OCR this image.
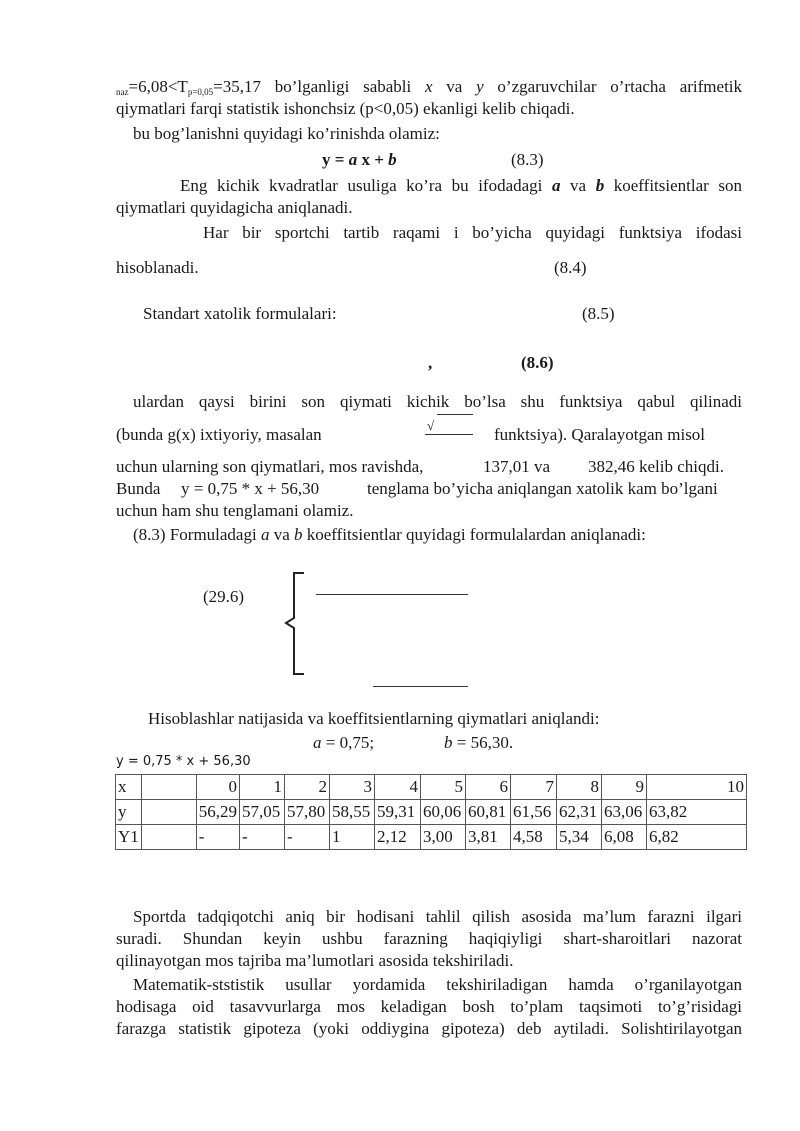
$_{naz}=6,08<T_{p=0,05}=35,17$ bo’lganligi sababli x va y o’zgaruvchilar o’rtacha arifmetik
qiymatlari farqi statistik ishonchsiz (p<0,05) ekanligi kelib chiqadi.
bu bog’lanishni quyidagi ko’rinishda olamiz:
y = a x + b	(8.3)
Eng kichik kvadratlar usuliga ko’ra bu ifodadagi a va b koeffitsientlar son
qiymatlari quyidagicha aniqlanadi.
Har bir sportchi tartib raqami i bo’yicha quyidagi funktsiya ifodasi
hisoblanadi.	(8.4)
Standart xatolik formulalari:	(8.5)
,	(8.6)
ulardan qaysi birini son qiymati kichik bo’lsa shu funktsiya qabul qilinadi
(bunda g(x) ixtiyoriy, masalan	√	funktsiya). Qaralayotgan misol
uchun ularning son qiymatlari, mos ravishda,	137,01 va 382,46 kelib chiqdi.
Bunda y = 0,75 * x + 56,30	tenglama bo’yicha aniqlangan xatolik kam bo’lgani
uchun ham shu tenglamani olamiz.
(8.3) Formuladagi a va b koeffitsientlar quyidagi formulalardan aniqlanadi:
(29.6)
Hisoblashlar natijasida va koeffitsientlarning qiymatlari aniqlandi:
a = 0,75;	b = 56,30.
y = 0,75 * x + 56,30
x		0	1	2	3	4	5	6	7	8	9	10
y		56,29	57,05	57,80	58,55	59,31	60,06	60,81	61,56	62,31	63,06	63,82
Y1		-	-	-	1	2,12	3,00	3,81	4,58	5,34	6,08	6,82
Sportda tadqiqotchi aniq bir hodisani tahlil qilish asosida ma’lum farazni ilgari
suradi. Shundan keyin ushbu farazning haqiqiyligi shart-sharoitlari nazorat
qilinayotgan mos tajriba ma’lumotlari asosida tekshiriladi.
Matematik-ststistik usullar yordamida tekshiriladigan hamda o’rganilayotgan
hodisaga oid tasavvurlarga mos keladigan bosh to’plam taqsimoti to’g’risidagi
farazga statistik gipoteza (yoki oddiygina gipoteza) deb aytiladi. Solishtirilayotgan
